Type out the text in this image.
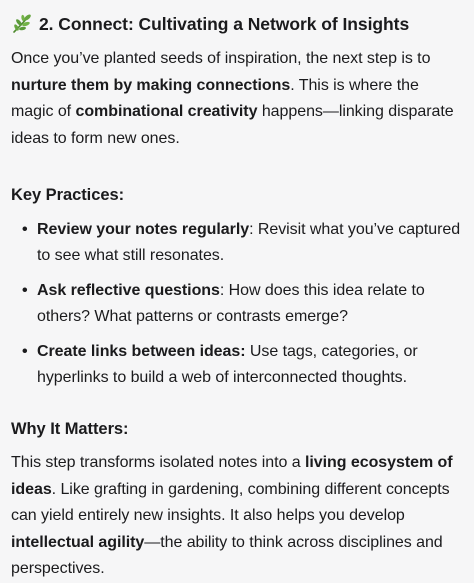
2. Connect: Cultivating a Network of Insights

Once you’ve planted seeds of inspiration, the next step is to nurture them by making connections. This is where the magic of combinational creativity happens—linking disparate ideas to form new ones.

Key Practices:
• Review your notes regularly: Revisit what you’ve captured to see what still resonates.
• Ask reflective questions: How does this idea relate to others? What patterns or contrasts emerge?
• Create links between ideas: Use tags, categories, or hyperlinks to build a web of interconnected thoughts.
Why It Matters:

This step transforms isolated notes into a living ecosystem of ideas. Like grafting in gardening, combining different concepts can yield entirely new insights. It also helps you develop intellectual agility—the ability to think across disciplines and perspectives.
